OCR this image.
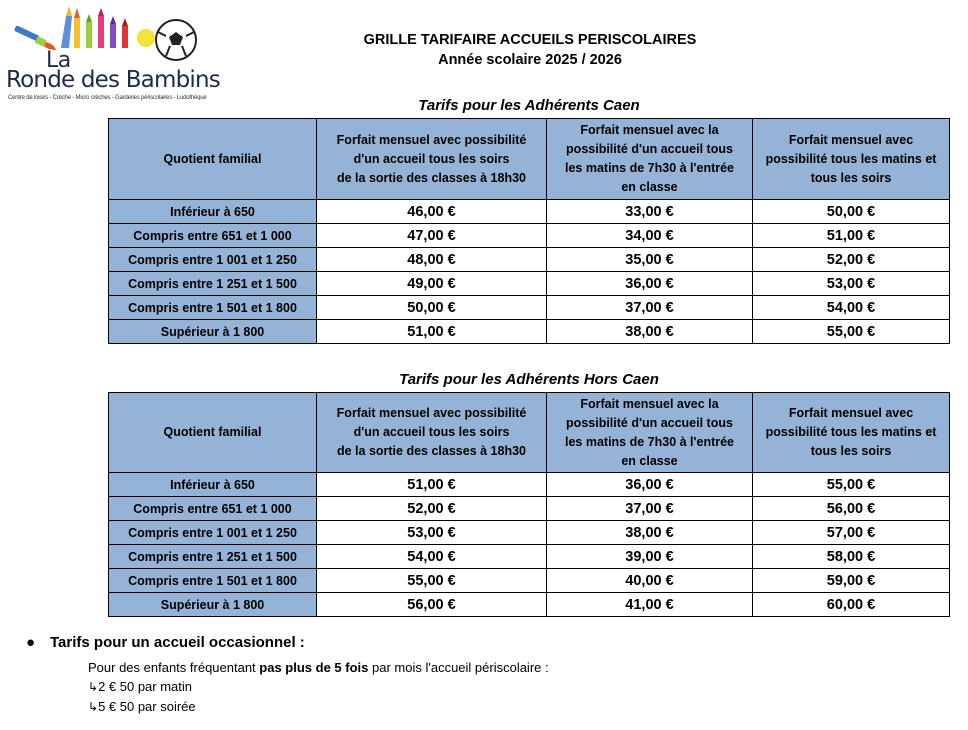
La
Ronde des Bambins
Centre de loisirs - Crèche - Micro crèches - Garderies périscolaires - Ludothèque
GRILLE TARIFAIRE ACCUEILS PERISCOLAIRES
Année scolaire 2025 / 2026
Tarifs pour les Adhérents Caen
Quotient familial	Forfait mensuel avec possibilité
d'un accueil tous les soirs
de la sortie des classes à 18h30	Forfait mensuel avec la
possibilité d'un accueil tous
les matins de 7h30 à l'entrée
en classe	Forfait mensuel avec
possibilité tous les matins et
tous les soirs
Inférieur à 650	46,00 €	33,00 €	50,00 €
Compris entre 651 et 1 000	47,00 €	34,00 €	51,00 €
Compris entre 1 001 et 1 250	48,00 €	35,00 €	52,00 €
Compris entre 1 251 et 1 500	49,00 €	36,00 €	53,00 €
Compris entre 1 501 et 1 800	50,00 €	37,00 €	54,00 €
Supérieur à 1 800	51,00 €	38,00 €	55,00 €
Tarifs pour les Adhérents Hors Caen
Quotient familial	Forfait mensuel avec possibilité
d'un accueil tous les soirs
de la sortie des classes à 18h30	Forfait mensuel avec la
possibilité d'un accueil tous
les matins de 7h30 à l'entrée
en classe	Forfait mensuel avec
possibilité tous les matins et
tous les soirs
Inférieur à 650	51,00 €	36,00 €	55,00 €
Compris entre 651 et 1 000	52,00 €	37,00 €	56,00 €
Compris entre 1 001 et 1 250	53,00 €	38,00 €	57,00 €
Compris entre 1 251 et 1 500	54,00 €	39,00 €	58,00 €
Compris entre 1 501 et 1 800	55,00 €	40,00 €	59,00 €
Supérieur à 1 800	56,00 €	41,00 €	60,00 €
● Tarifs pour un accueil occasionnel :
Pour des enfants fréquentant pas plus de 5 fois par mois l'accueil périscolaire :
↳2 € 50 par matin
↳5 € 50 par soirée
